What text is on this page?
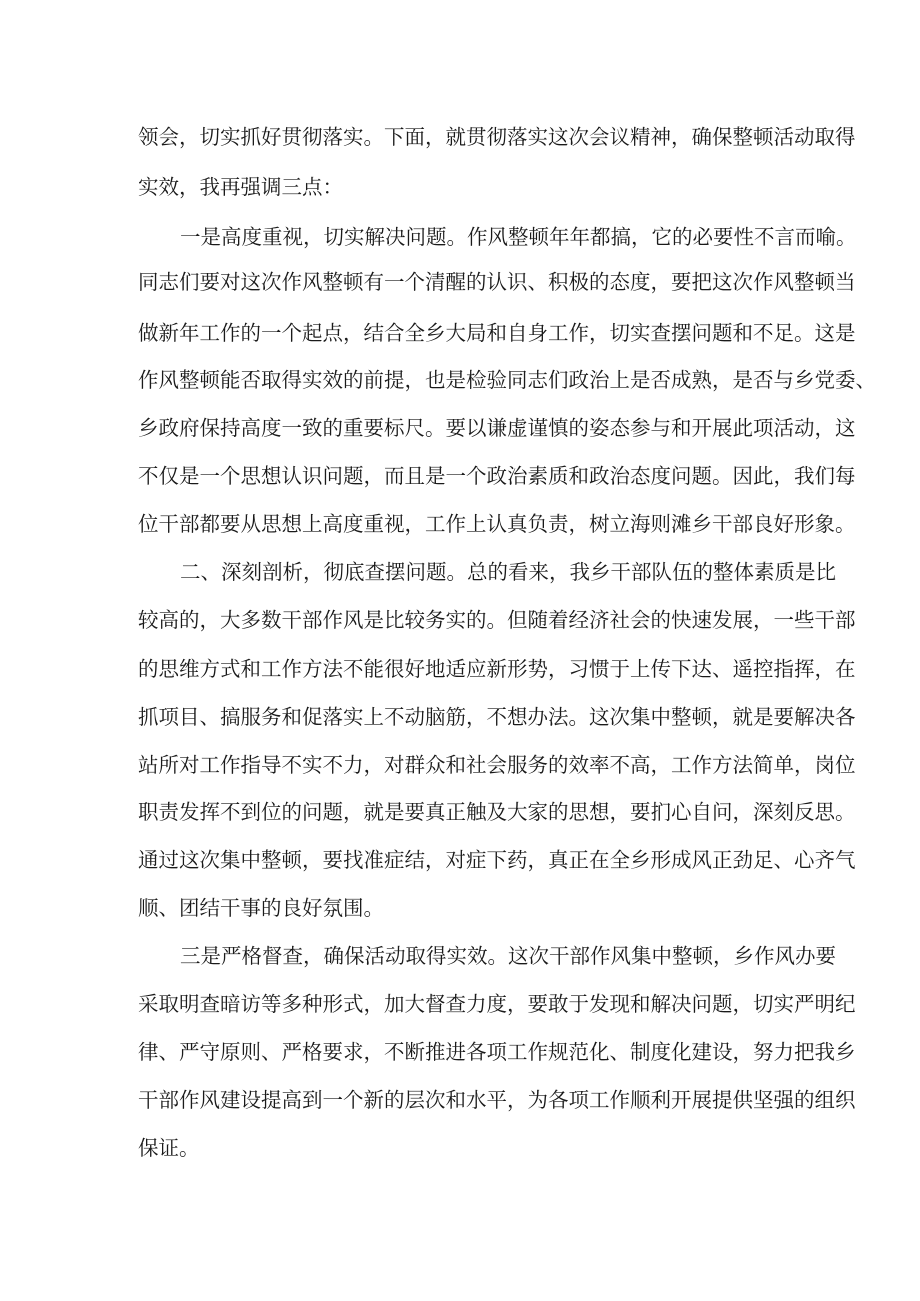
领会，切实抓好贯彻落实。下面，就贯彻落实这次会议精神，确保整顿活动取得
实效，我再强调三点：
一是高度重视，切实解决问题。作风整顿年年都搞，它的必要性不言而喻。
同志们要对这次作风整顿有一个清醒的认识、积极的态度，要把这次作风整顿当
做新年工作的一个起点，结合全乡大局和自身工作，切实查摆问题和不足。这是
作风整顿能否取得实效的前提，也是检验同志们政治上是否成熟，是否与乡党委、
乡政府保持高度一致的重要标尺。要以谦虚谨慎的姿态参与和开展此项活动，这
不仅是一个思想认识问题，而且是一个政治素质和政治态度问题。因此，我们每
位干部都要从思想上高度重视，工作上认真负责，树立海则滩乡干部良好形象。
二、深刻剖析，彻底查摆问题。总的看来，我乡干部队伍的整体素质是比
较高的，大多数干部作风是比较务实的。但随着经济社会的快速发展，一些干部
的思维方式和工作方法不能很好地适应新形势，习惯于上传下达、遥控指挥，在
抓项目、搞服务和促落实上不动脑筋，不想办法。这次集中整顿，就是要解决各
站所对工作指导不实不力，对群众和社会服务的效率不高，工作方法简单，岗位
职责发挥不到位的问题，就是要真正触及大家的思想，要扪心自问，深刻反思。
通过这次集中整顿，要找准症结，对症下药，真正在全乡形成风正劲足、心齐气
顺、团结干事的良好氛围。
三是严格督查，确保活动取得实效。这次干部作风集中整顿，乡作风办要
采取明查暗访等多种形式，加大督查力度，要敢于发现和解决问题，切实严明纪
律、严守原则、严格要求，不断推进各项工作规范化、制度化建设，努力把我乡
干部作风建设提高到一个新的层次和水平，为各项工作顺利开展提供坚强的组织
保证。
